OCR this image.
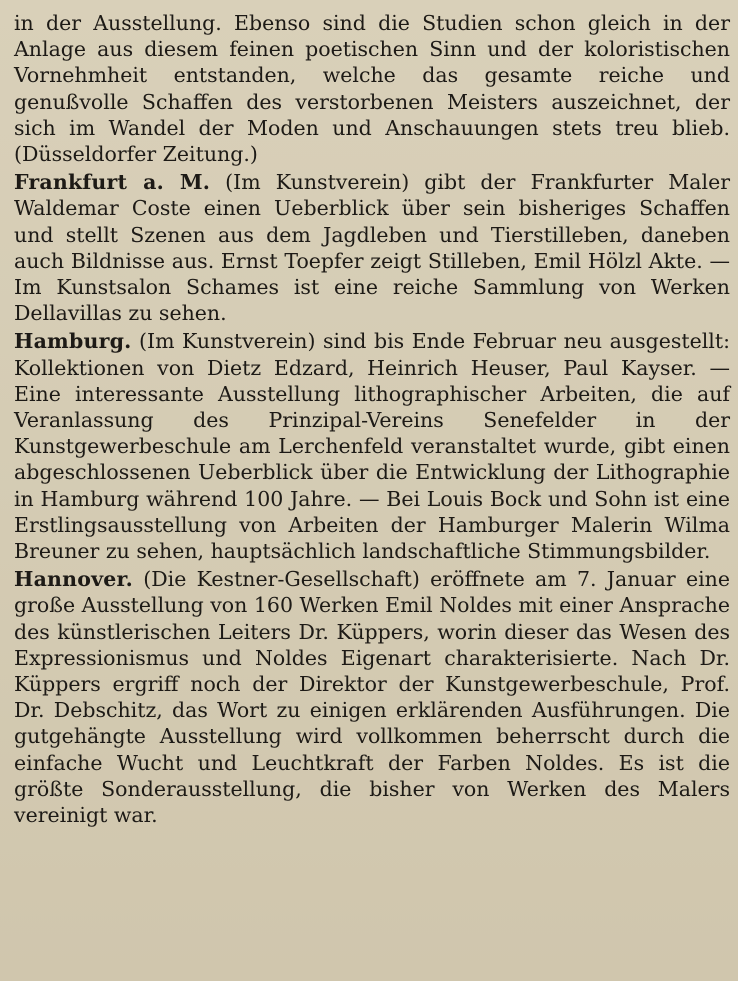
in der Ausstellung. Ebenso sind die Studien schon gleich in der Anlage aus diesem feinen poetischen Sinn und der koloristischen Vornehmheit entstanden, welche das gesamte reiche und genußvolle Schaffen des verstorbenen Meisters auszeichnet, der sich im Wandel der Moden und Anschauungen stets treu blieb. (Düsseldorfer Zeitung.)

Frankfurt a. M. (Im Kunstverein) gibt der Frankfurter Maler Waldemar Coste einen Ueberblick über sein bisheriges Schaffen und stellt Szenen aus dem Jagdleben und Tierstilleben, daneben auch Bildnisse aus. Ernst Toepfer zeigt Stilleben, Emil Hölzl Akte. — Im Kunstsalon Schames ist eine reiche Sammlung von Werken Dellavillas zu sehen.

Hamburg. (Im Kunstverein) sind bis Ende Februar neu ausgestellt: Kollektionen von Dietz Edzard, Heinrich Heuser, Paul Kayser. — Eine interessante Ausstellung lithographischer Arbeiten, die auf Veranlassung des Prinzipal-Vereins Senefelder in der Kunstgewerbeschule am Lerchenfeld veranstaltet wurde, gibt einen abgeschlossenen Ueberblick über die Entwicklung der Lithographie in Hamburg während 100 Jahre. — Bei Louis Bock und Sohn ist eine Erstlingsausstellung von Arbeiten der Hamburger Malerin Wilma Breuner zu sehen, hauptsächlich landschaftliche Stimmungsbilder.

Hannover. (Die Kestner-Gesellschaft) eröffnete am 7. Januar eine große Ausstellung von 160 Werken Emil Noldes mit einer Ansprache des künstlerischen Leiters Dr. Küppers, worin dieser das Wesen des Expressionismus und Noldes Eigenart charakterisierte. Nach Dr. Küppers ergriff noch der Direktor der Kunstgewerbeschule, Prof. Dr. Debschitz, das Wort zu einigen erklärenden Ausführungen. Die gutgehängte Ausstellung wird vollkommen beherrscht durch die einfache Wucht und Leuchtkraft der Farben Noldes. Es ist die größte Sonderausstellung, die bisher von Werken des Malers vereinigt war.
